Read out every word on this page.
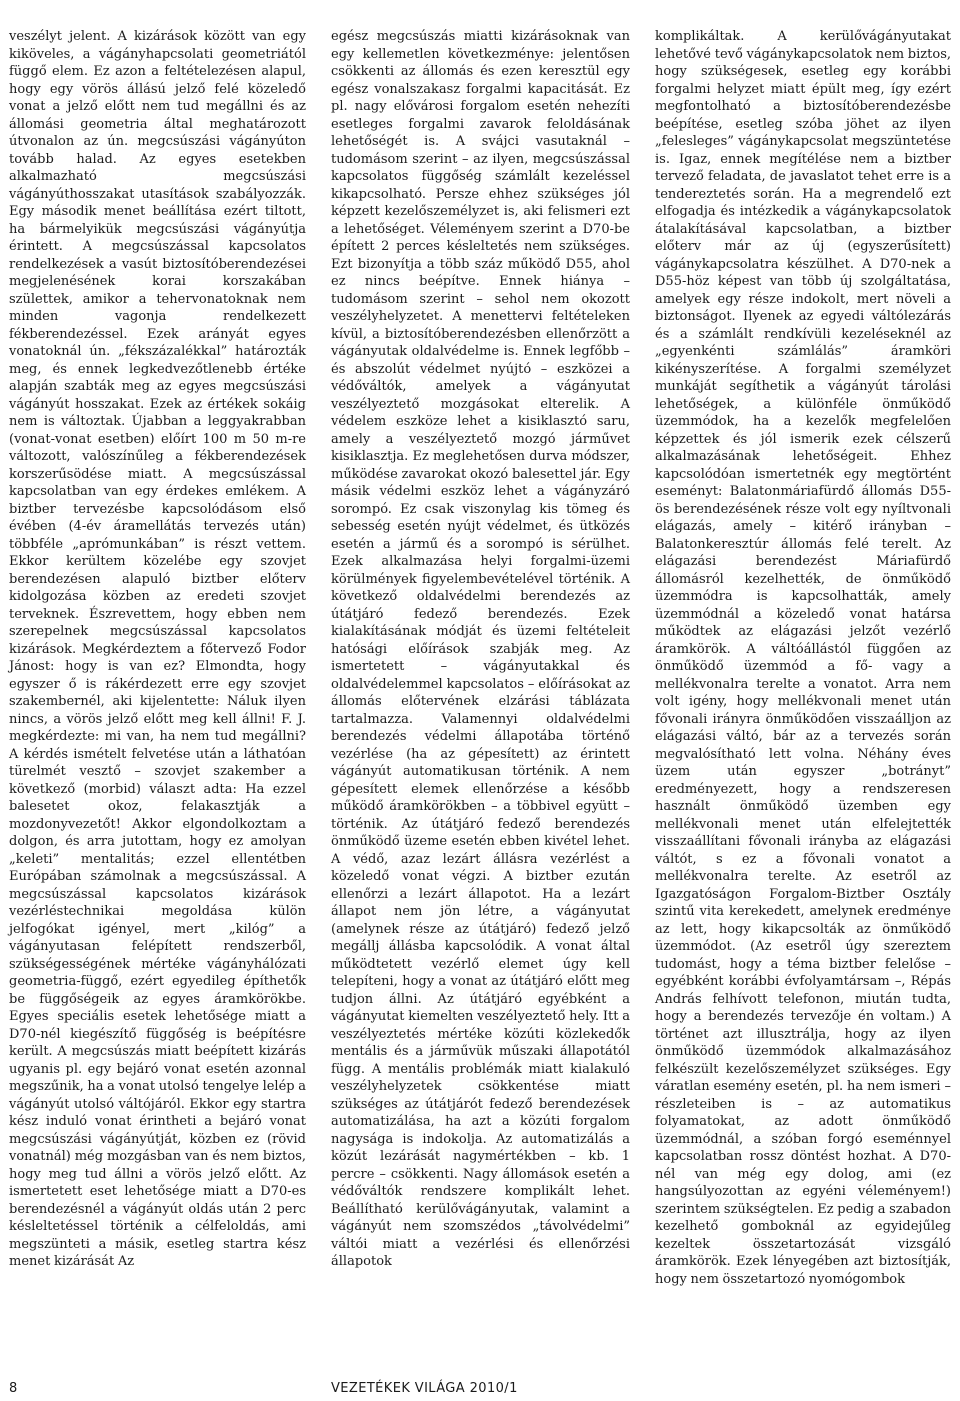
veszélyt jelent. A kizárások között van egy kiköveles, a vágányhapcsolati geometriától függő elem. Ez azon a feltételezésen alapul, hogy egy vörös állású jelző felé közeledő vonat a jelző előtt nem tud megállni és az állomási geometria által meghatározott útvonalon az ún. megcsúszási vágányúton tovább halad. Az egyes esetekben alkalmazható megcsúszási vágányúthosszakat utasítások szabályozzák. Egy második menet beállítása ezért tiltott, ha bármelyikük megcsúszási vágányútja érintett. A megcsúszással kapcsolatos rendelkezések a vasút biztosítóberendezései megjelenésének korai korszakában születtek, amikor a tehervonatoknak nem minden vagonja rendelkezett fékberendezéssel. Ezek arányát egyes vonatoknál ún. „fékszázalékkal” határozták meg, és ennek legkedvezőtlenebb értéke alapján szabták meg az egyes megcsúszási vágányút hosszakat. Ezek az értékek sokáig nem is változtak. Újabban a leggyakrabban (vonat-vonat esetben) előírt 100 m 50 m-re változott, valószínűleg a fékberendezések korszerűsödése miatt. A megcsúszással kapcsolatban van egy érdekes emlékem. A biztber tervezésbe kapcsolódásom első évében (4-év áramellátás tervezés után) többféle „aprómunkában” is részt vettem. Ekkor kerültem közelébe egy szovjet berendezésen alapuló biztber előterv kidolgozása közben az eredeti szovjet terveknek. Észrevettem, hogy ebben nem szerepelnek megcsúszással kapcsolatos kizárások. Megkérdeztem a főtervező Fodor Jánost: hogy is van ez? Elmondta, hogy egyszer ő is rákérdezett erre egy szovjet szakembernél, aki kijelentette: Náluk ilyen nincs, a vörös jelző előtt meg kell állni! F. J. megkérdezte: mi van, ha nem tud megállni? A kérdés ismételt felvetése után a láthatóan türelmét vesztő – szovjet szakember a következő (morbid) választ adta: Ha ezzel balesetet okoz, felakasztják a mozdonyvezetőt! Akkor elgondolkoztam a dolgon, és arra jutottam, hogy ez amolyan „keleti” mentalitás; ezzel ellentétben Európában számolnak a megcsúszással. A megcsúszással kapcsolatos kizárások vezérléstechnikai megoldása külön jelfogókat igényel, mert „kilóg” a vágányutasan felépített rendszerből, szükségességének mértéke vágányhálózati geometria-függő, ezért egyedileg építhetők be függőségeik az egyes áramkörökbe. Egyes speciális esetek lehetősége miatt a D70-nél kiegészítő függőség is beépítésre került. A megcsúszás miatt beépített kizárás ugyanis pl. egy bejáró vonat esetén azonnal megszűnik, ha a vonat utolsó tengelye lelép a vágányút utolsó váltójáról. Ekkor egy startra kész induló vonat érintheti a bejáró vonat megcsúszási vágányútját, közben ez (rövid vonatnál) még mozgásban van és nem biztos, hogy meg tud állni a vörös jelző előtt. Az ismertetett eset lehetősége miatt a D70-es berendezésnél a vágányút oldás után 2 perc késleltetéssel történik a célfeloldás, ami megszünteti a másik, esetleg startra kész menet kizárását Az

egész megcsúszás miatti kizárásoknak van egy kellemetlen következménye: jelentősen csökkenti az állomás és ezen keresztül egy egész vonalszakasz forgalmi kapacitását. Ez pl. nagy elővárosi forgalom esetén nehezíti esetleges forgalmi zavarok feloldásának lehetőségét is. A svájci vasutaknál – tudomásom szerint – az ilyen, megcsúszással kapcsolatos függőség számlált kezeléssel kikapcsolható. Persze ehhez szükséges jól képzett kezelőszemélyzet is, aki felismeri ezt a lehetőséget. Véleményem szerint a D70-be épített 2 perces késleltetés nem szükséges. Ezt bizonyítja a több száz működő D55, ahol ez nincs beépítve. Ennek hiánya – tudomásom szerint – sehol nem okozott veszélyhelyzetet. A menettervi feltételeken kívül, a biztosítóberendezésben ellenőrzött a vágányutak oldalvédelme is. Ennek legfőbb – és abszolút védelmet nyújtó – eszközei a védőváltók, amelyek a vágányutat veszélyeztető mozgásokat elterelik. A védelem eszköze lehet a kisiklasztó saru, amely a veszélyeztető mozgó járművet kisiklasztja. Ez meglehetősen durva módszer, működése zavarokat okozó balesettel jár. Egy másik védelmi eszköz lehet a vágányzáró sorompó. Ez csak viszonylag kis tömeg és sebesség esetén nyújt védelmet, és ütközés esetén a jármű és a sorompó is sérülhet. Ezek alkalmazása helyi forgalmi-üzemi körülmények figyelembevételével történik. A következő oldalvédelmi berendezés az útátjáró fedező berendezés. Ezek kialakításának módját és üzemi feltételeit hatósági előírások szabják meg. Az ismertetett – vágányutakkal és oldalvédelemmel kapcsolatos – előírásokat az állomás előtervének elzárási táblázata tartalmazza. Valamennyi oldalvédelmi berendezés védelmi állapotába történő vezérlése (ha az gépesített) az érintett vágányút automatikusan történik. A nem gépesített elemek ellenőrzése a később működő áramkörökben – a többivel együtt – történik. Az útátjáró fedező berendezés önműködő üzeme esetén ebben kivétel lehet. A védő, azaz lezárt állásra vezérlést a közeledő vonat végzi. A biztber ezután ellenőrzi a lezárt állapotot. Ha a lezárt állapot nem jön létre, a vágányutat (amelynek része az útátjáró) fedező jelző megállj állásba kapcsolódik. A vonat által működtetett vezérlő elemet úgy kell telepíteni, hogy a vonat az útátjáró előtt meg tudjon állni. Az útátjáró egyébként a vágányutat kiemelten veszélyeztető hely. Itt a veszélyeztetés mértéke közúti közlekedők mentális és a járművük műszaki állapotától függ. A mentális problémák miatt kialakuló veszélyhelyzetek csökkentése miatt szükséges az útátjárót fedező berendezések automatizálása, ha azt a közúti forgalom nagysága is indokolja. Az automatizálás a közút lezárását nagymértékben – kb. 1 percre – csökkenti. Nagy állomások esetén a védőváltók rendszere komplikált lehet. Beállítható kerülővágányutak, valamint a vágányút nem szomszédos „távolvédelmi” váltói miatt a vezérlési és ellenőrzési állapotok

komplikáltak. A kerülővágányutakat lehetővé tevő vágánykapcsolatok nem biztos, hogy szükségesek, esetleg egy korábbi forgalmi helyzet miatt épült meg, így ezért megfontolható a biztosítóberendezésbe beépítése, esetleg szóba jöhet az ilyen „felesleges” vágánykapcsolat megszüntetése is. Igaz, ennek megítélése nem a biztber tervező feladata, de javaslatot tehet erre is a tendereztetés során. Ha a megrendelő ezt elfogadja és intézkedik a vágánykapcsolatok átalakításával kapcsolatban, a biztber előterv már az új (egyszerűsített) vágánykapcsolatra készülhet. A D70-nek a D55-höz képest van több új szolgáltatása, amelyek egy része indokolt, mert növeli a biztonságot. Ilyenek az egyedi váltólezárás és a számlált rendkívüli kezeléseknél az „egyenkénti számlálás” áramköri kikényszerítése. A forgalmi személyzet munkáját segíthetik a vágányút tárolási lehetőségek, a különféle önműködő üzemmódok, ha a kezelők megfelelően képzettek és jól ismerik ezek célszerű alkalmazásának lehetőségeit. Ehhez kapcsolódóan ismertetnék egy megtörtént eseményt: Balatonmáriafürdő állomás D55-ös berendezésének része volt egy nyíltvonali elágazás, amely – kitérő irányban – Balatonkeresztúr állomás felé terelt. Az elágazási berendezést Máriafürdő állomásról kezelhették, de önműködő üzemmódra is kapcsolhatták, amely üzemmódnál a közeledő vonat határsa működtek az elágazási jelzőt vezérlő áramkörök. A váltóállástól függően az önműködő üzemmód a fő- vagy a mellékvonalra terelte a vonatot. Arra nem volt igény, hogy mellékvonali menet után fővonali irányra önműködően visszaálljon az elágazási váltó, bár az a tervezés során megvalósítható lett volna. Néhány éves üzem után egyszer „botrányt” eredményezett, hogy a rendszeresen használt önműködő üzemben egy mellékvonali menet után elfelejtették visszaállítani fővonali irányba az elágazási váltót, s ez a fővonali vonatot a mellékvonalra terelte. Az esetről az Igazgatóságon Forgalom-Biztber Osztály szintű vita kerekedett, amelynek eredménye az lett, hogy kikapcsolták az önműködő üzemmódot. (Az esetről úgy szereztem tudomást, hogy a téma biztber felelőse – egyébként korábbi évfolyamtársam –, Répás András felhívott telefonon, miután tudta, hogy a berendezés tervezője én voltam.) A történet azt illusztrálja, hogy az ilyen önműködő üzemmódok alkalmazásához felkészült kezelőszemélyzet szükséges. Egy váratlan esemény esetén, pl. ha nem ismeri – részleteiben is – az automatikus folyamatokat, az adott önműködő üzemmódnál, a szóban forgó eseménnyel kapcsolatban rossz döntést hozhat. A D70-nél van még egy dolog, ami (ez hangsúlyozottan az egyéni véleményem!) szerintem szükségtelen. Ez pedig a szabadon kezelhető gomboknál az egyidejűleg kezeltek összetartozását vizsgáló áramkörök. Ezek lényegében azt biztosítják, hogy nem összetartozó nyomógombok

8	VEZETÉKEK VILÁGA 2010/1
